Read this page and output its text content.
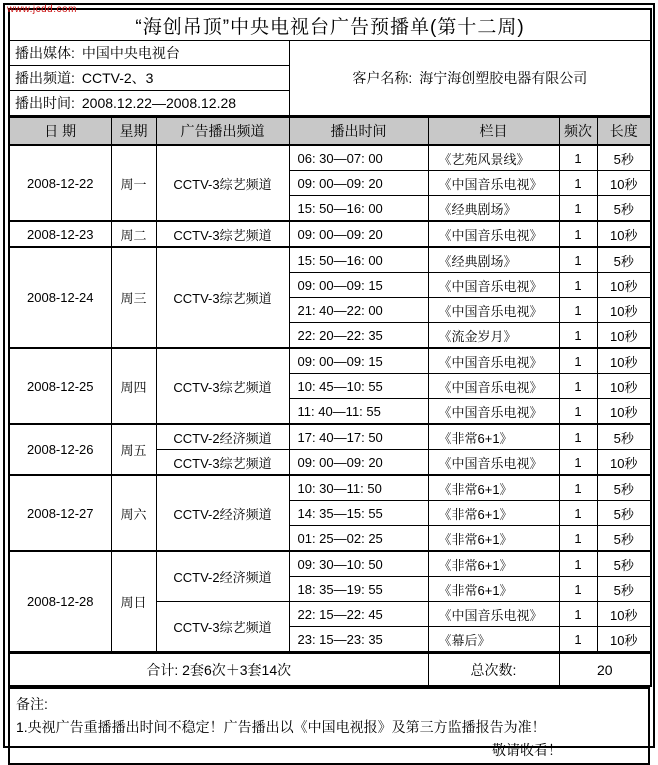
www.jcdd.com
“海创吊顶”中央电视台广告预播单(第十二周)						
播出媒体: 中国中央电视台			客户名称: 海宁海创塑胶电器有限公司			
播出频道: CCTV-2、3						
播出时间: 2008.12.22—2008.12.28						
日 期	星期	广告播出频道	播出时间	栏目	频次	长度
2008-12-22	周一	CCTV-3综艺频道	06: 30—07: 00	《艺苑风景线》	1	5秒
			09: 00—09: 20	《中国音乐电视》	1	10秒
			15: 50—16: 00	《经典剧场》	1	5秒
2008-12-23	周二	CCTV-3综艺频道	09: 00—09: 20	《中国音乐电视》	1	10秒
2008-12-24	周三	CCTV-3综艺频道	15: 50—16: 00	《经典剧场》	1	5秒
			09: 00—09: 15	《中国音乐电视》	1	10秒
			21: 40—22: 00	《中国音乐电视》	1	10秒
			22: 20—22: 35	《流金岁月》	1	10秒
2008-12-25	周四	CCTV-3综艺频道	09: 00—09: 15	《中国音乐电视》	1	10秒
			10: 45—10: 55	《中国音乐电视》	1	10秒
			11: 40—11: 55	《中国音乐电视》	1	10秒
2008-12-26	周五	CCTV-2经济频道	17: 40—17: 50	《非常6+1》	1	5秒
		CCTV-3综艺频道	09: 00—09: 20	《中国音乐电视》	1	10秒
2008-12-27	周六	CCTV-2经济频道	10: 30—11: 50	《非常6+1》	1	5秒
			14: 35—15: 55	《非常6+1》	1	5秒
			01: 25—02: 25	《非常6+1》	1	5秒
2008-12-28	周日	CCTV-2经济频道	09: 30—10: 50	《非常6+1》	1	5秒
			18: 35—19: 55	《非常6+1》	1	5秒
		CCTV-3综艺频道	22: 15—22: 45	《中国音乐电视》	1	10秒
			23: 15—23: 35	《幕后》	1	10秒
合计: 2套6次＋3套14次				总次数:	20	
备注:
1.央视广告重播播出时间不稳定！广告播出以《中国电视报》及第三方监播报告为准！
敬请收看！
